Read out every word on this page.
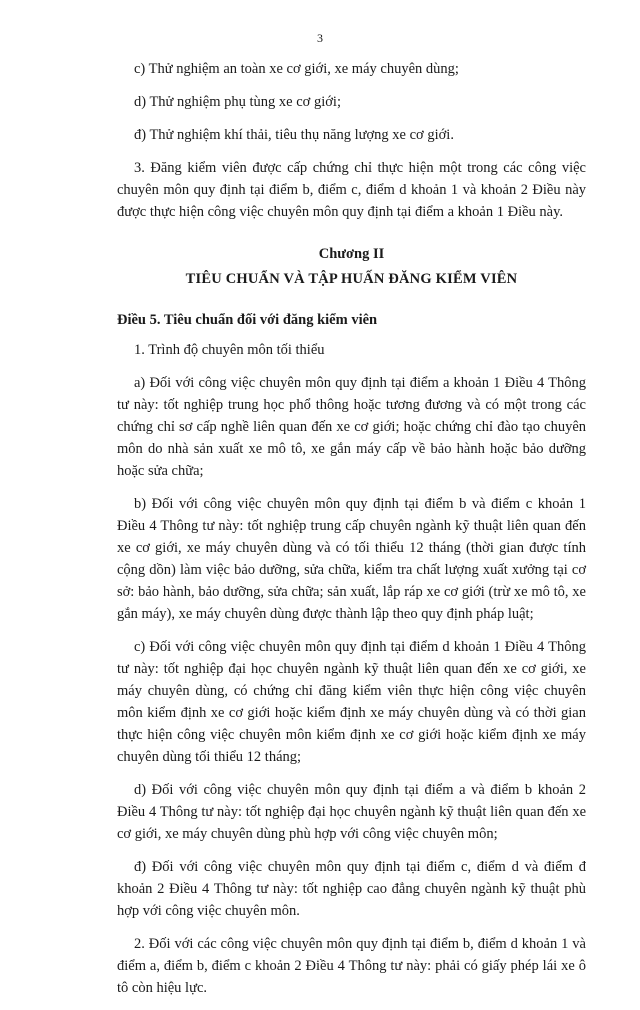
3

c) Thử nghiệm an toàn xe cơ giới, xe máy chuyên dùng;

d) Thử nghiệm phụ tùng xe cơ giới;

đ) Thử nghiệm khí thải, tiêu thụ năng lượng xe cơ giới.

3. Đăng kiểm viên được cấp chứng chỉ thực hiện một trong các công việc chuyên môn quy định tại điểm b, điểm c, điểm d khoản 1 và khoản 2 Điều này được thực hiện công việc chuyên môn quy định tại điểm a khoản 1 Điều này.

Chương II
TIÊU CHUẨN VÀ TẬP HUẤN ĐĂNG KIỂM VIÊN

Điều 5. Tiêu chuẩn đối với đăng kiểm viên

1. Trình độ chuyên môn tối thiểu

a) Đối với công việc chuyên môn quy định tại điểm a khoản 1 Điều 4 Thông tư này: tốt nghiệp trung học phổ thông hoặc tương đương và có một trong các chứng chỉ sơ cấp nghề liên quan đến xe cơ giới; hoặc chứng chỉ đào tạo chuyên môn do nhà sản xuất xe mô tô, xe gắn máy cấp về bảo hành hoặc bảo dưỡng hoặc sửa chữa;

b) Đối với công việc chuyên môn quy định tại điểm b và điểm c khoản 1 Điều 4 Thông tư này: tốt nghiệp trung cấp chuyên ngành kỹ thuật liên quan đến xe cơ giới, xe máy chuyên dùng và có tối thiểu 12 tháng (thời gian được tính cộng dồn) làm việc bảo dưỡng, sửa chữa, kiểm tra chất lượng xuất xưởng tại cơ sở: bảo hành, bảo dưỡng, sửa chữa; sản xuất, lắp ráp xe cơ giới (trừ xe mô tô, xe gắn máy), xe máy chuyên dùng được thành lập theo quy định pháp luật;

c) Đối với công việc chuyên môn quy định tại điểm d khoản 1 Điều 4 Thông tư này: tốt nghiệp đại học chuyên ngành kỹ thuật liên quan đến xe cơ giới, xe máy chuyên dùng, có chứng chỉ đăng kiểm viên thực hiện công việc chuyên môn kiểm định xe cơ giới hoặc kiểm định xe máy chuyên dùng và có thời gian thực hiện công việc chuyên môn kiểm định xe cơ giới hoặc kiểm định xe máy chuyên dùng tối thiểu 12 tháng;

d) Đối với công việc chuyên môn quy định tại điểm a và điểm b khoản 2 Điều 4 Thông tư này: tốt nghiệp đại học chuyên ngành kỹ thuật liên quan đến xe cơ giới, xe máy chuyên dùng phù hợp với công việc chuyên môn;

đ) Đối với công việc chuyên môn quy định tại điểm c, điểm d và điểm đ khoản 2 Điều 4 Thông tư này: tốt nghiệp cao đẳng chuyên ngành kỹ thuật phù hợp với công việc chuyên môn.

2. Đối với các công việc chuyên môn quy định tại điểm b, điểm d khoản 1 và điểm a, điểm b, điểm c khoản 2 Điều 4 Thông tư này: phải có giấy phép lái xe ô tô còn hiệu lực.
